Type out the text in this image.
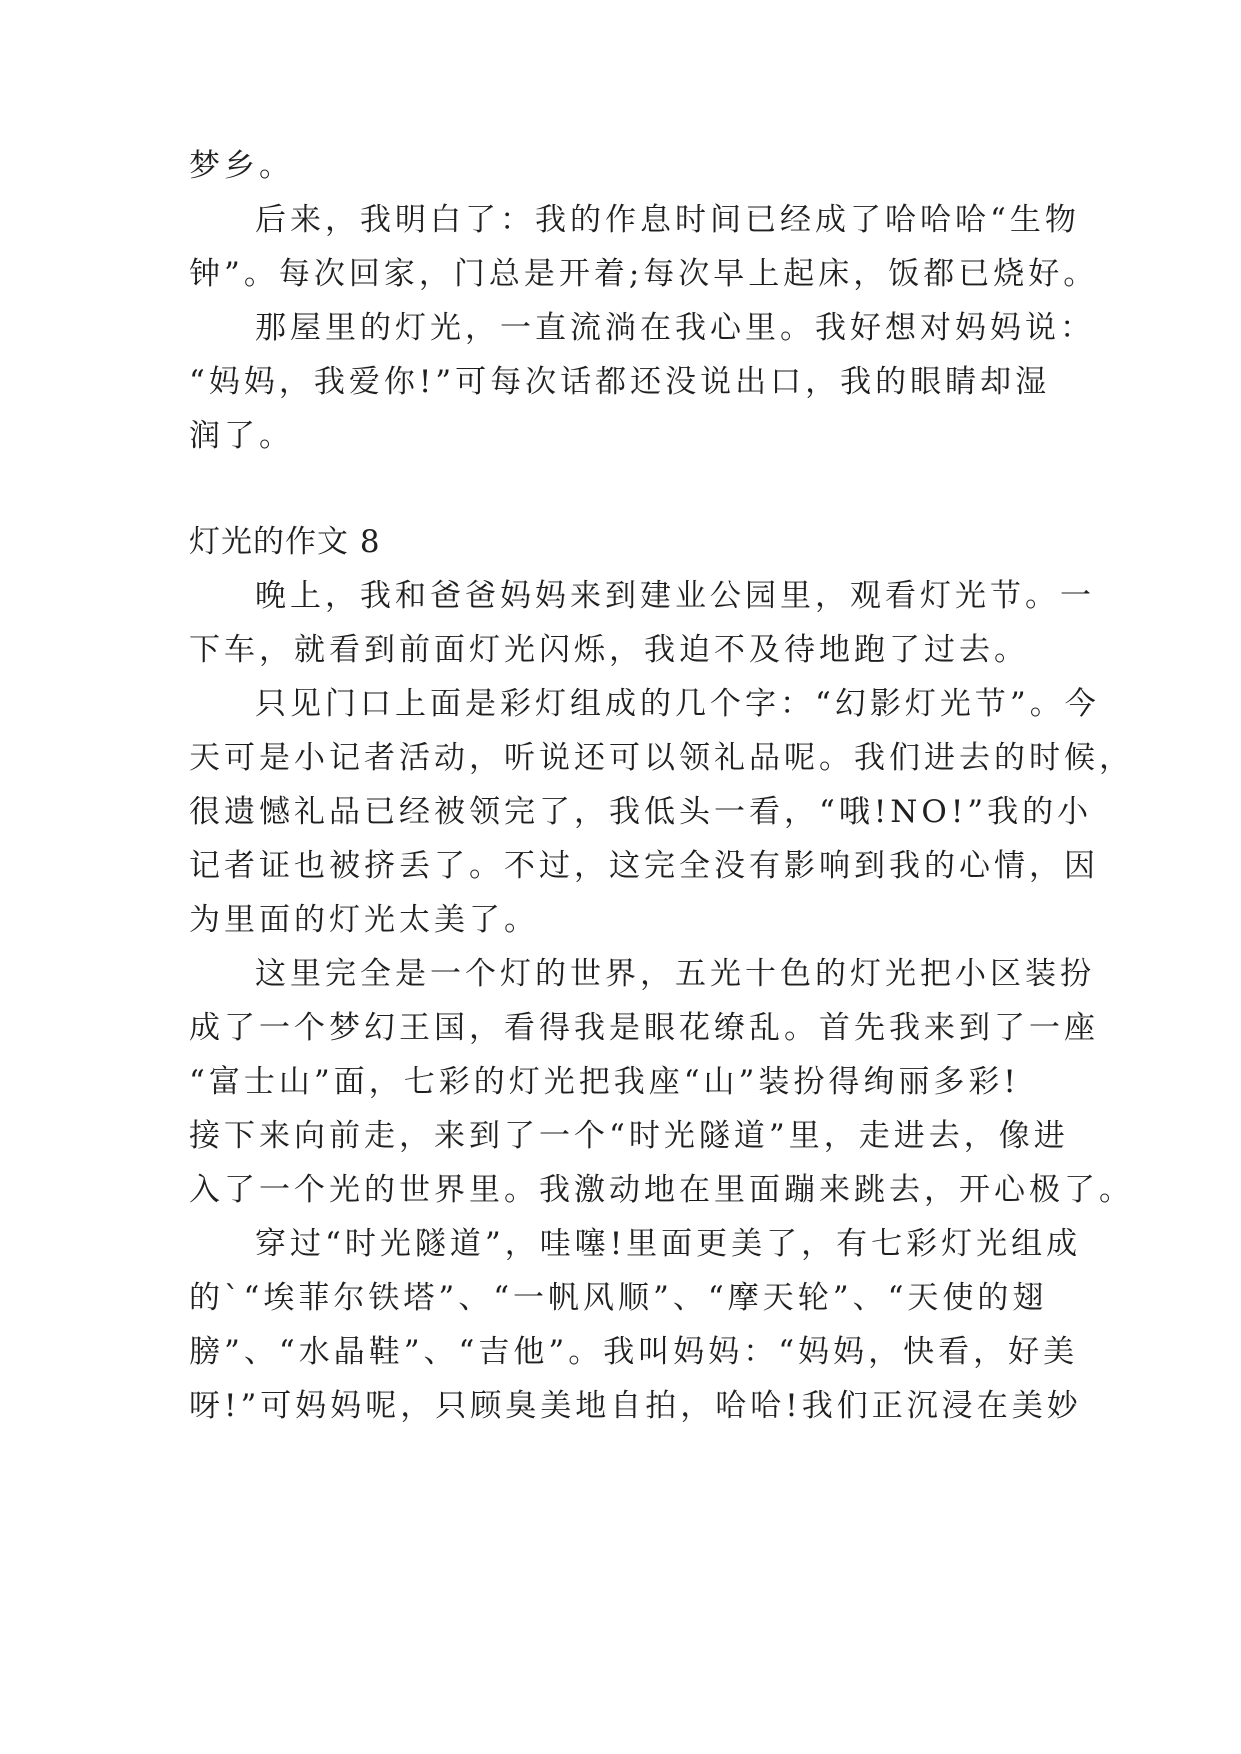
梦乡。
后来，我明白了：我的作息时间已经成了哈哈哈“生物
钟”。每次回家，门总是开着;每次早上起床，饭都已烧好。
那屋里的灯光，一直流淌在我心里。我好想对妈妈说：
“妈妈，我爱你!”可每次话都还没说出口，我的眼睛却湿
润了。
灯光的作文 8
晚上，我和爸爸妈妈来到建业公园里，观看灯光节。一
下车，就看到前面灯光闪烁，我迫不及待地跑了过去。
只见门口上面是彩灯组成的几个字：“幻影灯光节”。今
天可是小记者活动，听说还可以领礼品呢。我们进去的时候，
很遗憾礼品已经被领完了，我低头一看，“哦!NO!”我的小
记者证也被挤丢了。不过，这完全没有影响到我的心情，因
为里面的灯光太美了。
这里完全是一个灯的世界，五光十色的灯光把小区装扮
成了一个梦幻王国，看得我是眼花缭乱。首先我来到了一座
“富士山”面，七彩的灯光把我座“山”装扮得绚丽多彩!
接下来向前走，来到了一个“时光隧道”里，走进去，像进
入了一个光的世界里。我激动地在里面蹦来跳去，开心极了。
穿过“时光隧道”，哇噻!里面更美了，有七彩灯光组成
的`“埃菲尔铁塔”、“一帆风顺”、“摩天轮”、“天使的翅
膀”、“水晶鞋”、“吉他”。我叫妈妈：“妈妈，快看，好美
呀!”可妈妈呢，只顾臭美地自拍，哈哈!我们正沉浸在美妙
